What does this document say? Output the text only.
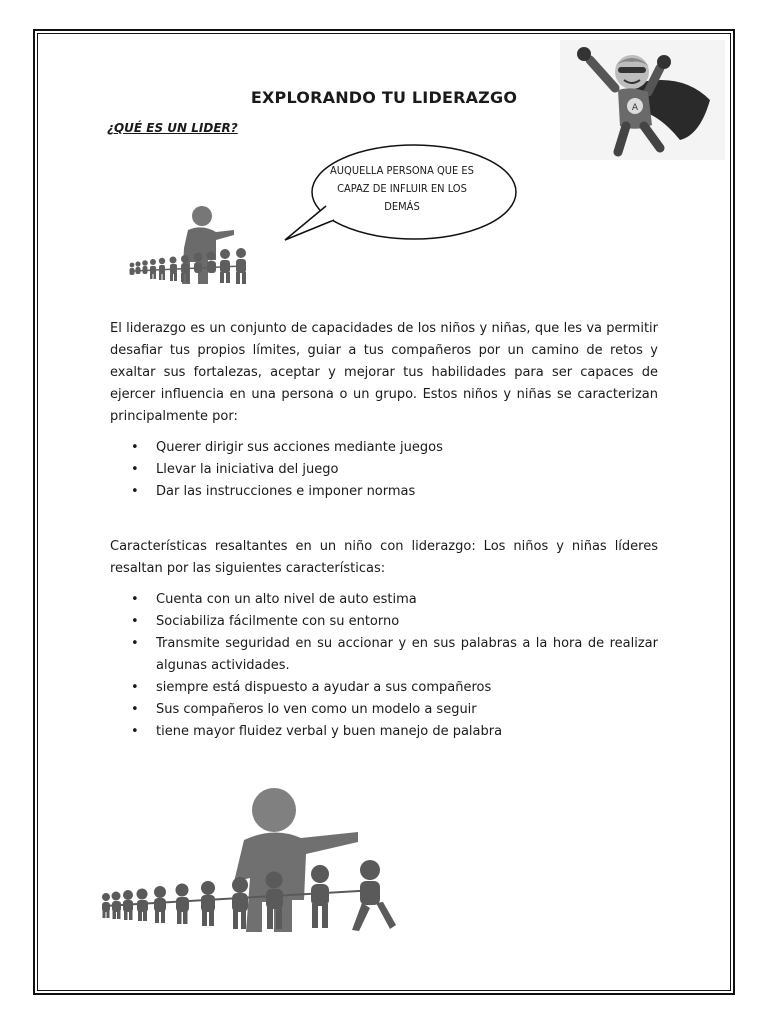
EXPLORANDO TU LIDERAZGO
¿QUÉ ES UN LIDER?
A
AUQUELLA PERSONA QUE ES CAPAZ DE INFLUIR EN LOS DEMÁS

El liderazgo es un conjunto de capacidades de los niños y niñas, que les va permitir desafiar tus propios límites, guiar a tus compañeros por un camino de retos y exaltar sus fortalezas, aceptar y mejorar tus habilidades para ser capaces de ejercer influencia en una persona o un grupo. Estos niños y niñas se caracterizan principalmente por:

• Querer dirigir sus acciones mediante juegos
• Llevar la iniciativa del juego
• Dar las instrucciones e imponer normas

Características resaltantes en un niño con liderazgo: Los niños y niñas líderes resaltan por las siguientes características:

• Cuenta con un alto nivel de auto estima
• Sociabiliza fácilmente con su entorno
• Transmite seguridad en su accionar y en sus palabras a la hora de realizar algunas actividades.
• siempre está dispuesto a ayudar a sus compañeros
• Sus compañeros lo ven como un modelo a seguir
• tiene mayor fluidez verbal y buen manejo de palabra
